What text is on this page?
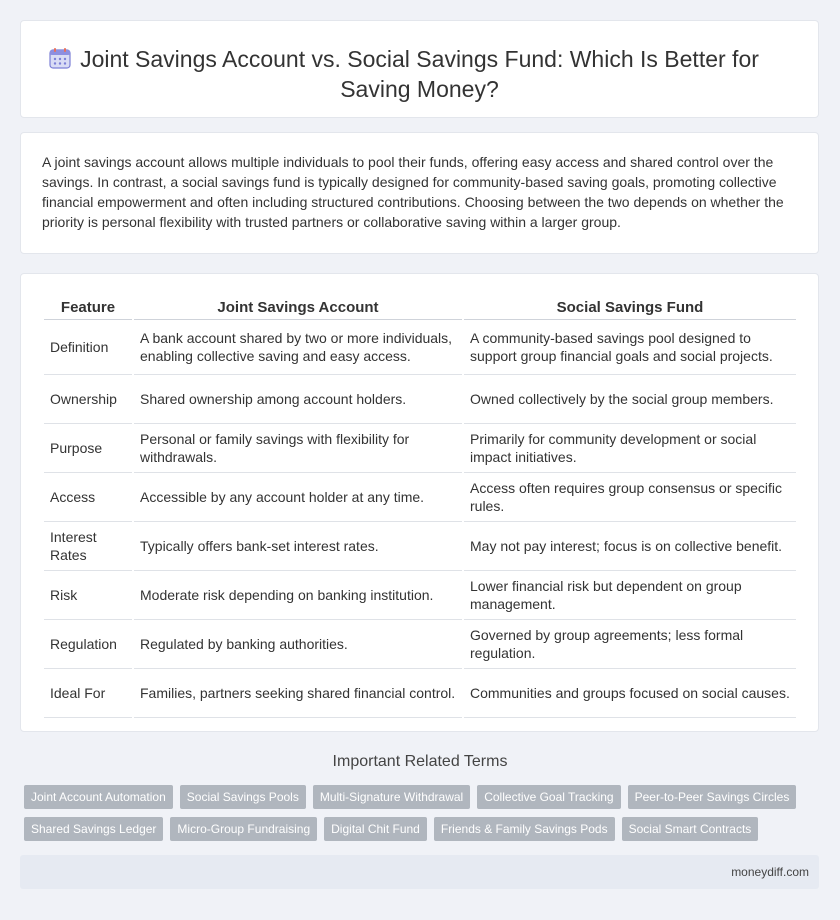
Joint Savings Account vs. Social Savings Fund: Which Is Better for Saving Money?

A joint savings account allows multiple individuals to pool their funds, offering easy access and shared control over the savings. In contrast, a social savings fund is typically designed for community-based saving goals, promoting collective financial empowerment and often including structured contributions. Choosing between the two depends on whether the priority is personal flexibility with trusted partners or collaborative saving within a larger group.

Feature	Joint Savings Account	Social Savings Fund
Definition	A bank account shared by two or more individuals, enabling collective saving and easy access.	A community-based savings pool designed to support group financial goals and social projects.
Ownership	Shared ownership among account holders.	Owned collectively by the social group members.
Purpose	Personal or family savings with flexibility for withdrawals.	Primarily for community development or social impact initiatives.
Access	Accessible by any account holder at any time.	Access often requires group consensus or specific rules.
Interest Rates	Typically offers bank-set interest rates.	May not pay interest; focus is on collective benefit.
Risk	Moderate risk depending on banking institution.	Lower financial risk but dependent on group management.
Regulation	Regulated by banking authorities.	Governed by group agreements; less formal regulation.
Ideal For	Families, partners seeking shared financial control.	Communities and groups focused on social causes.
Important Related Terms
Joint Account Automation	Social Savings Pools	Multi-Signature Withdrawal	Collective Goal Tracking	Peer-to-Peer Savings Circles
Shared Savings Ledger	Micro-Group Fundraising	Digital Chit Fund	Friends & Family Savings Pods	Social Smart Contracts
moneydiff.com
